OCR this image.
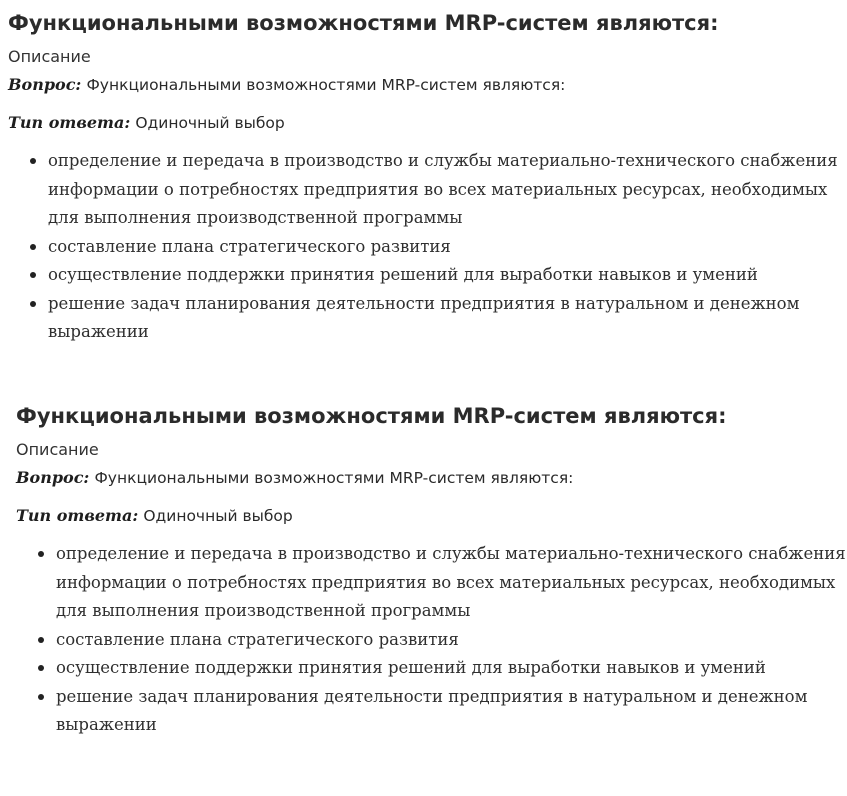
Функциональными возможностями MRP-систем являются:
Описание
Вопрос: Функциональными возможностями MRP-систем являются:
Тип ответа: Одиночный выбор
определение и передача в производство и службы материально-технического снабжения информации о потребностях предприятия во всех материальных ресурсах, необходимых для выполнения производственной программы
составление плана стратегического развития
осуществление поддержки принятия решений для выработки навыков и умений
решение задач планирования деятельности предприятия в натуральном и денежном выражении
Функциональными возможностями MRP-систем являются:
Описание
Вопрос: Функциональными возможностями MRP-систем являются:
Тип ответа: Одиночный выбор
определение и передача в производство и службы материально-технического снабжения информации о потребностях предприятия во всех материальных ресурсах, необходимых для выполнения производственной программы
составление плана стратегического развития
осуществление поддержки принятия решений для выработки навыков и умений
решение задач планирования деятельности предприятия в натуральном и денежном выражении
